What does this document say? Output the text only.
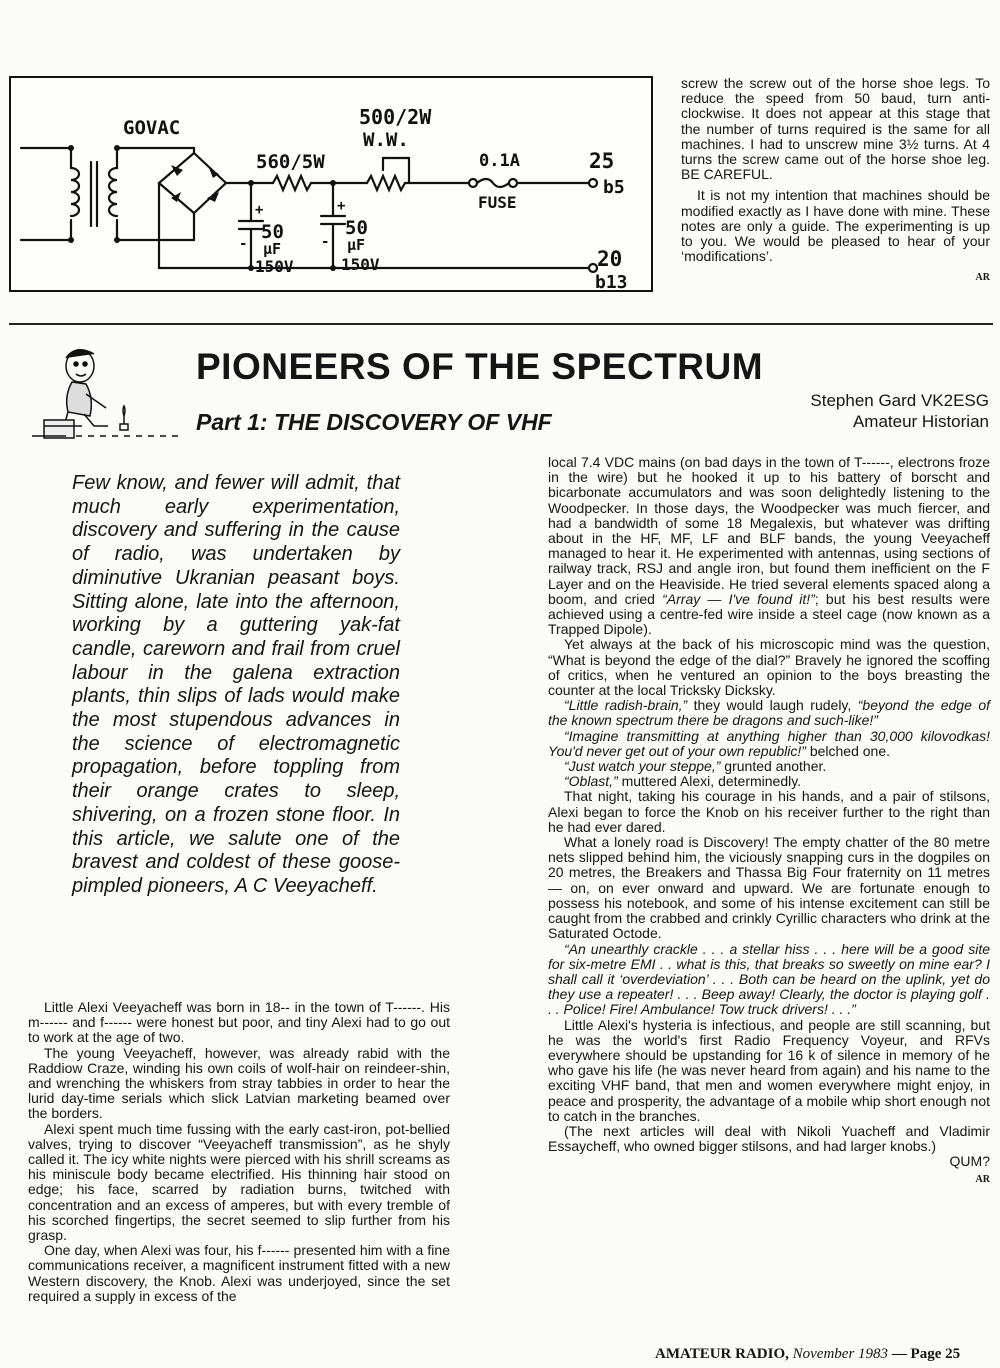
GOVAC	500/2W
W.W.
560/5W	0.1A
FUSE
25
b5
20
b13
+
-
+
-
50
μF
150V
50
μF
150V

screw the screw out of the horse shoe legs. To reduce the speed from 50 baud, turn anti-clockwise. It does not appear at this stage that the number of turns required is the same for all machines. I had to unscrew mine 3½ turns. At 4 turns the screw came out of the horse shoe leg. BE CAREFUL.

It is not my intention that machines should be modified exactly as I have done with mine. These notes are only a guide. The experimenting is up to you. We would be pleased to hear of your ‘modifications’.

AR
PIONEERS OF THE SPECTRUM
Part 1: THE DISCOVERY OF VHF
Stephen Gard VK2ESG
Amateur Historian

Few know, and fewer will admit, that much early experimentation, discovery and suffering in the cause of radio, was undertaken by diminutive Ukranian peasant boys. Sitting alone, late into the afternoon, working by a guttering yak-fat candle, careworn and frail from cruel labour in the galena extraction plants, thin slips of lads would make the most stupendous advances in the science of electromagnetic propagation, before toppling from their orange crates to sleep, shivering, on a frozen stone floor. In this article, we salute one of the bravest and coldest of these goose-pimpled pioneers, A C Veeyacheff.

Little Alexi Veeyacheff was born in 18-- in the town of T------. His m------ and f------ were honest but poor, and tiny Alexi had to go out to work at the age of two.

The young Veeyacheff, however, was already rabid with the Raddiow Craze, winding his own coils of wolf-hair on reindeer-shin, and wrenching the whiskers from stray tabbies in order to hear the lurid day-time serials which slick Latvian marketing beamed over the borders.

Alexi spent much time fussing with the early cast-iron, pot-bellied valves, trying to discover “Veeyacheff transmission”, as he shyly called it. The icy white nights were pierced with his shrill screams as his miniscule body became electrified. His thinning hair stood on edge; his face, scarred by radiation burns, twitched with concentration and an excess of amperes, but with every tremble of his scorched fingertips, the secret seemed to slip further from his grasp.

One day, when Alexi was four, his f------ presented him with a fine communications receiver, a magnificent instrument fitted with a new Western discovery, the Knob. Alexi was underjoyed, since the set required a supply in excess of the

local 7.4 VDC mains (on bad days in the town of T------, electrons froze in the wire) but he hooked it up to his battery of borscht and bicarbonate accumulators and was soon delightedly listening to the Woodpecker. In those days, the Woodpecker was much fiercer, and had a bandwidth of some 18 Megalexis, but whatever was drifting about in the HF, MF, LF and BLF bands, the young Veeyacheff managed to hear it. He experimented with antennas, using sections of railway track, RSJ and angle iron, but found them inefficient on the F Layer and on the Heaviside. He tried several elements spaced along a boom, and cried “Array — I've found it!”; but his best results were achieved using a centre-fed wire inside a steel cage (now known as a Trapped Dipole).

Yet always at the back of his microscopic mind was the question, “What is beyond the edge of the dial?” Bravely he ignored the scoffing of critics, when he ventured an opinion to the boys breasting the counter at the local Tricksky Dicksky.

“Little radish-brain,” they would laugh rudely, “beyond the edge of the known spectrum there be dragons and such-like!”

“Imagine transmitting at anything higher than 30,000 kilovodkas! You'd never get out of your own republic!” belched one.

“Just watch your steppe,” grunted another.

“Oblast,” muttered Alexi, determinedly.

That night, taking his courage in his hands, and a pair of stilsons, Alexi began to force the Knob on his receiver further to the right than he had ever dared.

What a lonely road is Discovery! The empty chatter of the 80 metre nets slipped behind him, the viciously snapping curs in the dogpiles on 20 metres, the Breakers and Thassa Big Four fraternity on 11 metres — on, on ever onward and upward. We are fortunate enough to possess his notebook, and some of his intense excitement can still be caught from the crabbed and crinkly Cyrillic characters who drink at the Saturated Octode.

“An unearthly crackle . . . a stellar hiss . . . here will be a good site for six-metre EMI . . what is this, that breaks so sweetly on mine ear? I shall call it ‘overdeviation’ . . . Both can be heard on the uplink, yet do they use a repeater! . . . Beep away! Clearly, the doctor is playing golf . . . Police! Fire! Ambulance! Tow truck drivers! . . .”

Little Alexi's hysteria is infectious, and people are still scanning, but he was the world's first Radio Frequency Voyeur, and RFVs everywhere should be upstanding for 16 k of silence in memory of he who gave his life (he was never heard from again) and his name to the exciting VHF band, that men and women everywhere might enjoy, in peace and prosperity, the advantage of a mobile whip short enough not to catch in the branches.

(The next articles will deal with Nikoli Yuacheff and Vladimir Essaycheff, who owned bigger stilsons, and had larger knobs.)

QUM?
AR
AMATEUR RADIO, November 1983 — Page 25
